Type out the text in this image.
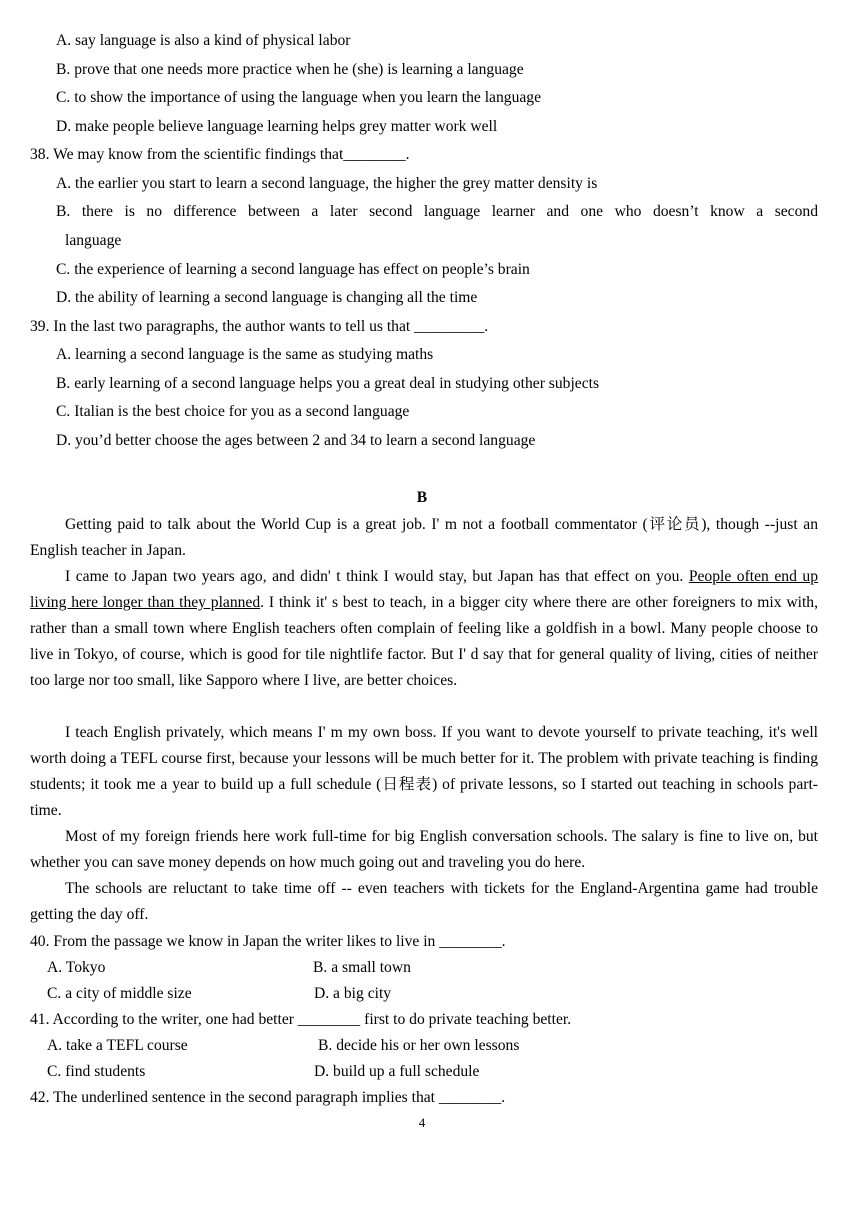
A. say language is also a kind of physical labor
B. prove that one needs more practice when he (she) is learning a language
C. to show the importance of using the language when you learn the language
D. make people believe language learning helps grey matter work well
38. We may know from the scientific findings that________.
A. the earlier you start to learn a second language, the higher the grey matter density is
B. there is no difference between a later second language learner and one who doesn’t know a second
language
C. the experience of learning a second language has effect on people’s brain
D. the ability of learning a second language is changing all the time
39. In the last two paragraphs, the author wants to tell us that _________.
A. learning a second language is the same as studying maths
B. early learning of a second language helps you a great deal in studying other subjects
C. Italian is the best choice for you as a second language
D. you’d better choose the ages between 2 and 34 to learn a second language
B
Getting paid to talk about the World Cup is a great job. I' m not a football commentator (评论员), though --just an English teacher in Japan.
I came to Japan two years ago, and didn' t think I would stay, but Japan has that effect on you. People often end up living here longer than they planned. I think it' s best to teach, in a bigger city where there are other foreigners to mix with, rather than a small town where English teachers often complain of feeling like a goldfish in a bowl. Many people choose to live in Tokyo, of course, which is good for tile nightlife factor. But I' d say that for general quality of living, cities of neither too large nor too small, like Sapporo where I live, are better choices.
I teach English privately, which means I' m my own boss. If you want to devote yourself to private teaching, it's well worth doing a TEFL course first, because your lessons will be much better for it. The problem with private teaching is finding students; it took me a year to build up a full schedule (日程表) of private lessons, so I started out teaching in schools part-time.
Most of my foreign friends here work full-time for big English conversation schools. The salary is fine to live on, but whether you can save money depends on how much going out and traveling you do here.
The schools are reluctant to take time off -- even teachers with tickets for the England-Argentina game had trouble getting the day off.
40. From the passage we know in Japan the writer likes to live in ________.
A. Tokyo	B. a small town
C. a city of middle size	D. a big city
41. According to the writer, one had better ________ first to do private teaching better.
A. take a TEFL course	B. decide his or her own lessons
C. find students	D. build up a full schedule
42. The underlined sentence in the second paragraph implies that ________.
4
